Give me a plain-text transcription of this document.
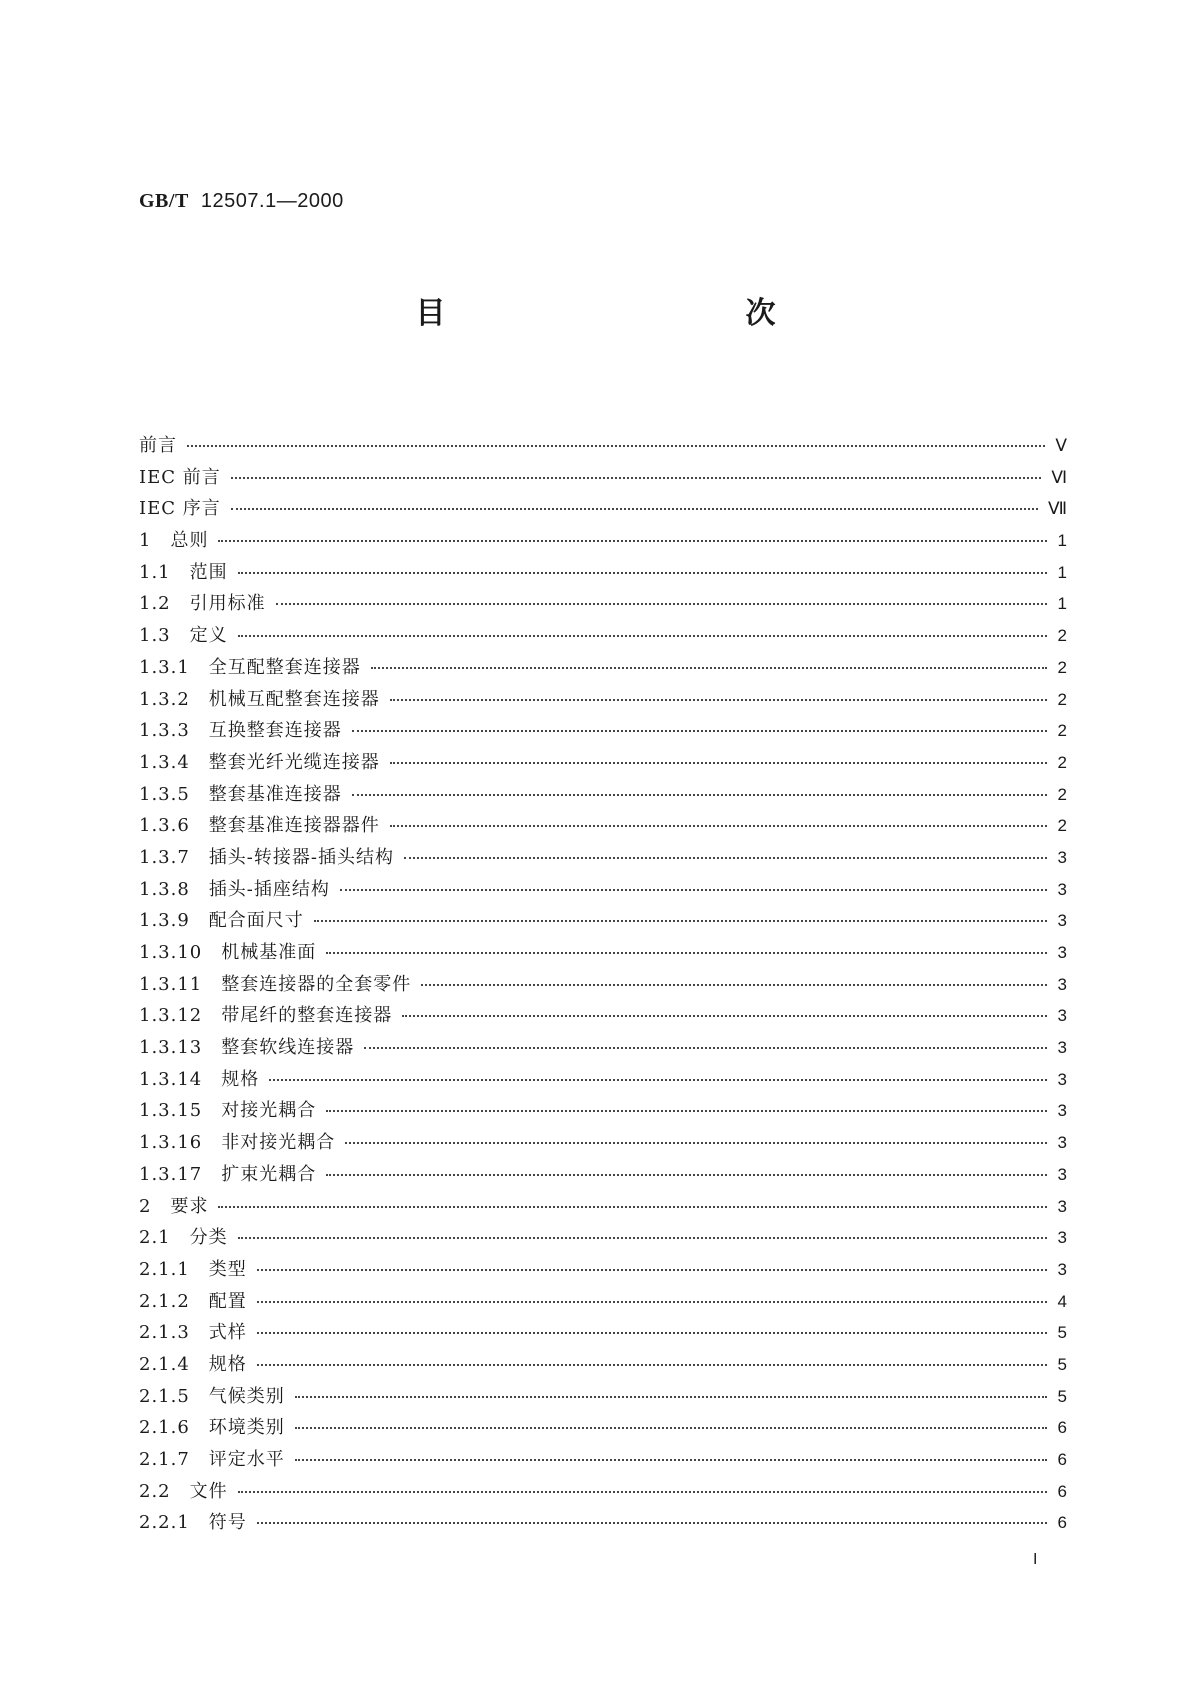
GB/T 12507.1—2000
目　　次
前言	Ⅴ
IEC 前言	Ⅵ
IEC 序言	Ⅶ
1　总则	1
1.1　范围	1
1.2　引用标准	1
1.3　定义	2
1.3.1　全互配整套连接器	2
1.3.2　机械互配整套连接器	2
1.3.3　互换整套连接器	2
1.3.4　整套光纤光缆连接器	2
1.3.5　整套基准连接器	2
1.3.6　整套基准连接器器件	2
1.3.7　插头-转接器-插头结构	3
1.3.8　插头-插座结构	3
1.3.9　配合面尺寸	3
1.3.10　机械基准面	3
1.3.11　整套连接器的全套零件	3
1.3.12　带尾纤的整套连接器	3
1.3.13　整套软线连接器	3
1.3.14　规格	3
1.3.15　对接光耦合	3
1.3.16　非对接光耦合	3
1.3.17　扩束光耦合	3
2　要求	3
2.1　分类	3
2.1.1　类型	3
2.1.2　配置	4
2.1.3　式样	5
2.1.4　规格	5
2.1.5　气候类别	5
2.1.6　环境类别	6
2.1.7　评定水平	6
2.2　文件	6
2.2.1　符号	6
Ⅰ
